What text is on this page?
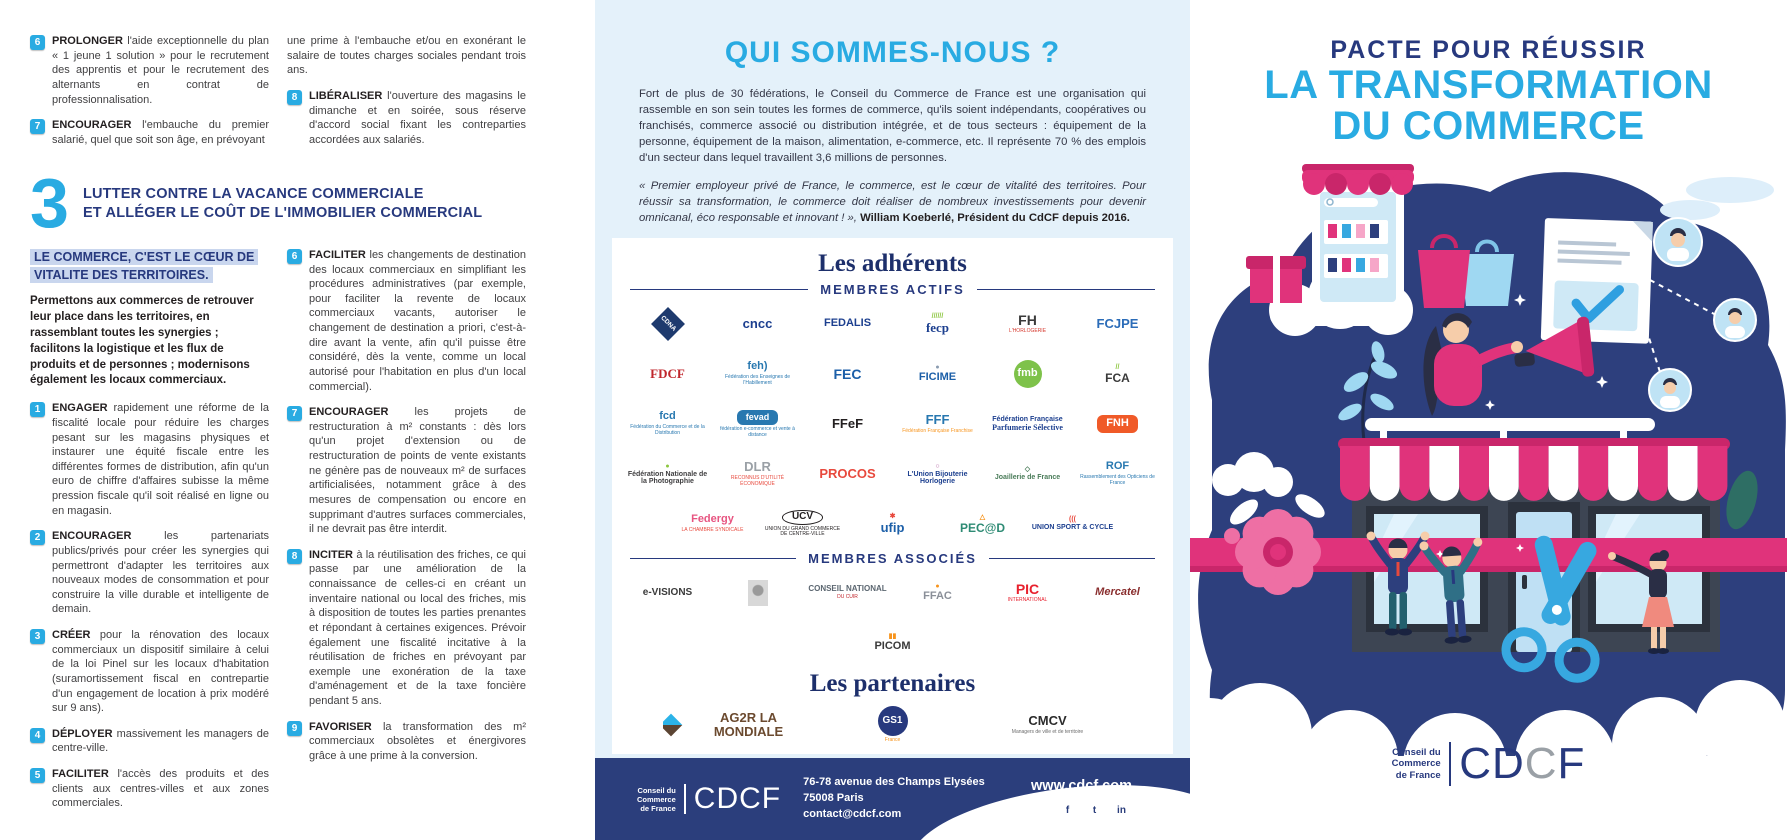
6	PROLONGER l'aide exceptionnelle du plan « 1 jeune 1 solution » pour le recrutement des apprentis et pour le recrutement des alternants en contrat de professionnalisation.

7	ENCOURAGER l'embauche du premier salarié, quel que soit son âge, en prévoyant

une prime à l'embauche et/ou en exonérant le salaire de toutes charges sociales pendant trois ans.

8	LIBÉRALISER l'ouverture des magasins le dimanche et en soirée, sous réserve d'accord social fixant les contreparties accordées aux salariés.

3 LUTTER CONTRE LA VACANCE COMMERCIALE
ET ALLÉGER LE COÛT DE L'IMMOBILIER COMMERCIAL

LE COMMERCE, C'EST LE CŒUR DE
VITALITE DES TERRITOIRES.

Permettons aux commerces de retrouver leur place dans les territoires, en rassemblant toutes les synergies ; facilitons la logistique et les flux de produits et de personnes ; modernisons également les locaux commerciaux.

1	ENGAGER rapidement une réforme de la fiscalité locale pour réduire les charges pesant sur les magasins physiques et instaurer une équité fiscale entre les différentes formes de distribution, afin qu'un euro de chiffre d'affaires subisse la même pression fiscale qu'il soit réalisé en ligne ou en magasin.

2	ENCOURAGER les partenariats publics/privés pour créer les synergies qui permettront d'adapter les territoires aux nouveaux modes de consommation et pour construire la ville durable et intelligente de demain.

3	CRÉER pour la rénovation des locaux commerciaux un dispositif similaire à celui de la loi Pinel sur les locaux d'habitation (suramortissement fiscal en contrepartie d'un engagement de location à prix modéré sur 9 ans).

4	DÉPLOYER massivement les managers de centre-ville.

5	FACILITER l'accès des produits et des clients aux centres-villes et aux zones commerciales.

6	FACILITER les changements de destination des locaux commerciaux en simplifiant les procédures administratives (par exemple, pour faciliter la revente de locaux commerciaux vacants, autoriser le changement de destination a priori, c'est-à-dire avant la vente, afin qu'il puisse être considéré, dès la vente, comme un local autorisé pour l'habitation en plus d'un local commercial).

7	ENCOURAGER les projets de restructuration à m² constants : dès lors qu'un projet d'extension ou de restructuration de points de vente existants ne génère pas de nouveaux m² de surfaces artificialisées, notamment grâce à des mesures de compensation ou encore en supprimant d'autres surfaces commerciales, il ne devrait pas être interdit.

8	INCITER à la réutilisation des friches, ce qui passe par une amélioration de la connaissance de celles-ci en créant un inventaire national ou local des friches, mis à disposition de toutes les parties prenantes et répondant à certaines exigences. Prévoir également une fiscalité incitative à la réutilisation de friches en prévoyant par exemple une exonération de la taxe d'aménagement et de la taxe foncière pendant 5 ans.

9	FAVORISER la transformation des m² commerciaux obsolètes et énergivores grâce à une prime à la conversion.

QUI SOMMES-NOUS ?

Fort de plus de 30 fédérations, le Conseil du Commerce de France est une organisation qui rassemble en son sein toutes les formes de commerce, qu'ils soient indépendants, coopératives ou franchisés, commerce associé ou distribution intégrée, et de tous secteurs : équipement de la personne, équipement de la maison, alimentation, e-commerce, etc. Il représente 70 % des emplois d'un secteur dans lequel travaillent 3,6 millions de personnes.

« Premier employeur privé de France, le commerce, est le cœur de vitalité des territoires. Pour réussir sa transformation, le commerce doit réaliser de nombreux investissements pour devenir omnicanal, éco responsable et innovant ! », William Koeberlé, Président du CdCF depuis 2016.

Les adhérents
MEMBRES ACTIFS
CDNA	cncc	FEDALIS
//////
fecp	FH
L'HORLOGERIE
FCJPE
FDCF	feh)
Fédération des Enseignes de l'Habillement
FEC	●
FICIME	fmb
//
FCA
fcd
Fédération du Commerce et de la Distribution
fevad
fédération e-commerce et vente à distance
FFeF	FFF
Fédération Française Franchise
Fédération Française
Parfumerie Sélective	FNH
●
Fédération Nationale de la Photographie
DLR
RECONNUS D'UTILITÉ ÉCONOMIQUE
PROCOS
○
L'Union Bijouterie Horlogerie
◇
Joaillerie de France
ROF
Rassemblement des Opticiens de France
Federgy
LA CHAMBRE SYNDICALE
UCV
UNION DU GRAND COMMERCE DE CENTRE-VILLE
✱
ufip
△
PEC@D
(((
UNION SPORT & CYCLE
MEMBRES ASSOCIÉS
e-VISIONS	CONSEIL NATIONAL
DU CUIR
●
FFAC	PIC
INTERNATIONAL
Mercatel
▮▮
PICOM
Les partenaires
AG2R LA MONDIALE
GS1
France
CMCV
Managers de ville et de territoire
Conseil du
Commerce
de France CDCF 76-78 avenue des Champs Elysées
75008 Paris
contact@cdcf.com
www.cdcf.com
f	t	in
PACTE POUR RÉUSSIR
LA TRANSFORMATION
DU COMMERCE
Conseil du
Commerce
de France CDCF
